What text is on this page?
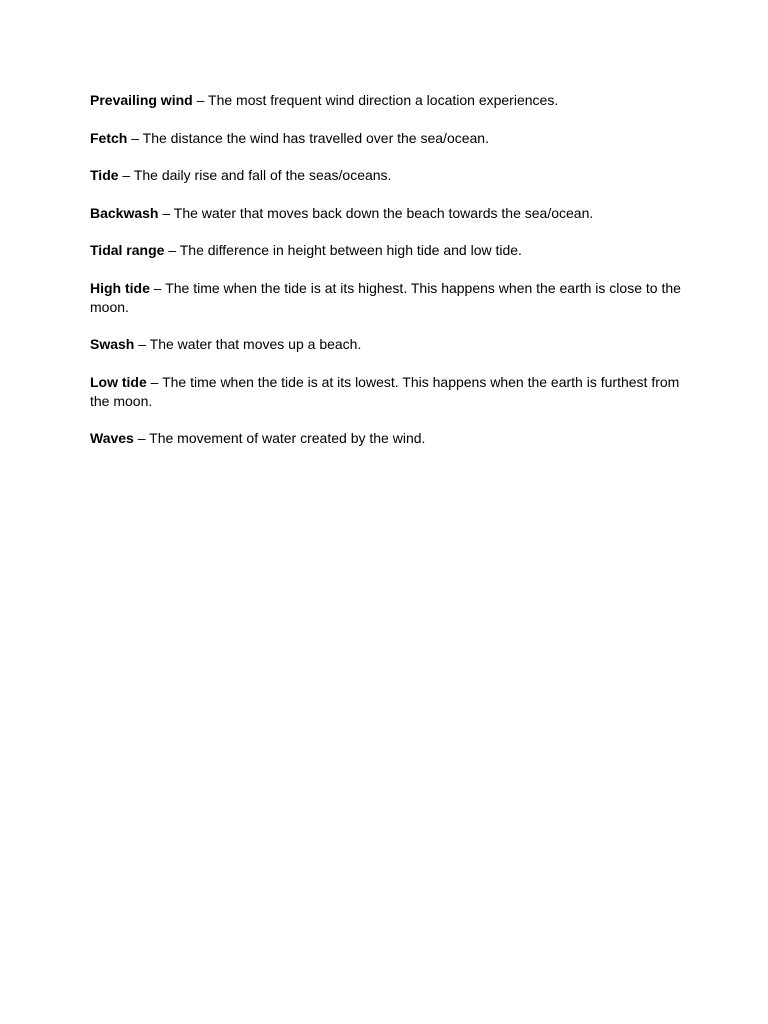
Prevailing wind – The most frequent wind direction a location experiences.

Fetch – The distance the wind has travelled over the sea/ocean.

Tide – The daily rise and fall of the seas/oceans.

Backwash – The water that moves back down the beach towards the sea/ocean.

Tidal range – The difference in height between high tide and low tide.

High tide – The time when the tide is at its highest. This happens when the earth is close to the moon.

Swash – The water that moves up a beach.

Low tide – The time when the tide is at its lowest. This happens when the earth is furthest from the moon.

Waves – The movement of water created by the wind.
